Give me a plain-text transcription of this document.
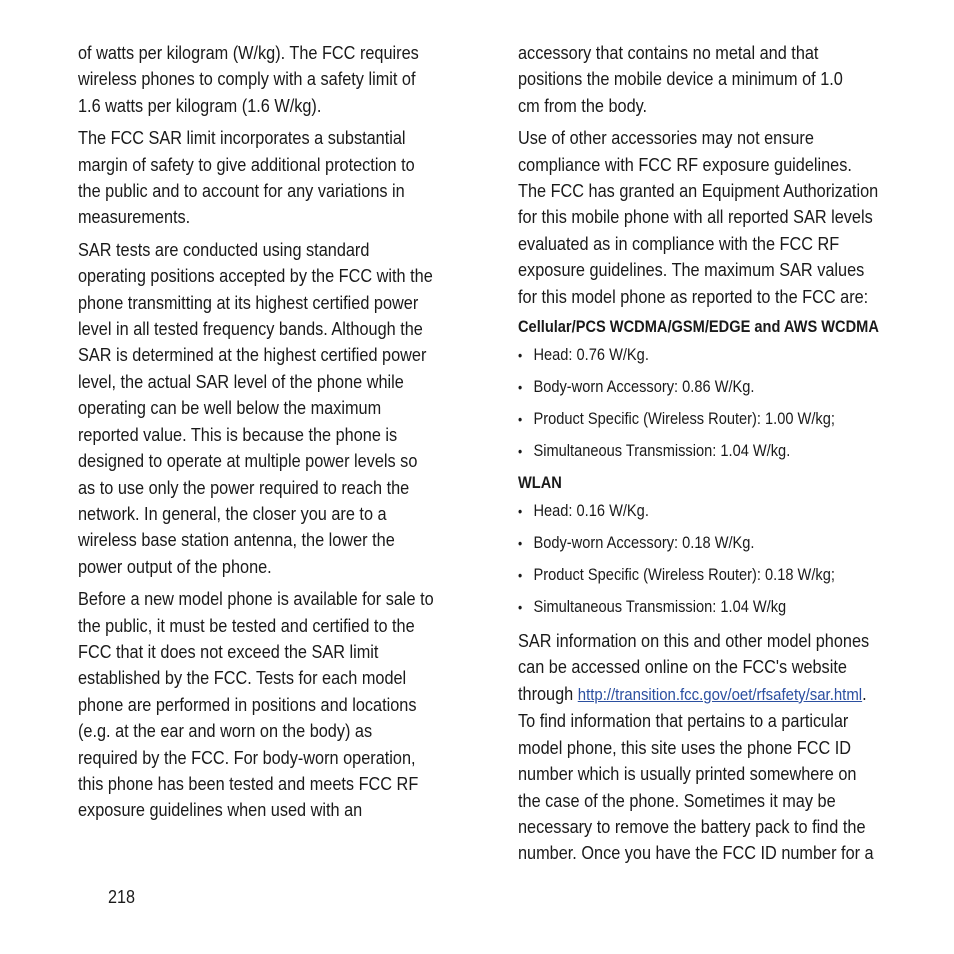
of watts per kilogram (W/kg). The FCC requires
wireless phones to comply with a safety limit of
1.6 watts per kilogram (1.6 W/kg).

The FCC SAR limit incorporates a substantial
margin of safety to give additional protection to
the public and to account for any variations in
measurements.

SAR tests are conducted using standard
operating positions accepted by the FCC with the
phone transmitting at its highest certified power
level in all tested frequency bands. Although the
SAR is determined at the highest certified power
level, the actual SAR level of the phone while
operating can be well below the maximum
reported value. This is because the phone is
designed to operate at multiple power levels so
as to use only the power required to reach the
network. In general, the closer you are to a
wireless base station antenna, the lower the
power output of the phone.

Before a new model phone is available for sale to
the public, it must be tested and certified to the
FCC that it does not exceed the SAR limit
established by the FCC. Tests for each model
phone are performed in positions and locations
(e.g. at the ear and worn on the body) as
required by the FCC. For body-worn operation,
this phone has been tested and meets FCC RF
exposure guidelines when used with an

accessory that contains no metal and that
positions the mobile device a minimum of 1.0
cm from the body.

Use of other accessories may not ensure
compliance with FCC RF exposure guidelines.
The FCC has granted an Equipment Authorization
for this mobile phone with all reported SAR levels
evaluated as in compliance with the FCC RF
exposure guidelines. The maximum SAR values
for this model phone as reported to the FCC are:

Cellular/PCS WCDMA/GSM/EDGE and AWS WCDMA
• Head: 0.76 W/Kg.
• Body-worn Accessory: 0.86 W/Kg.
• Product Specific (Wireless Router): 1.00 W/kg;
• Simultaneous Transmission: 1.04 W/kg.
WLAN
• Head: 0.16 W/Kg.
• Body-worn Accessory: 0.18 W/Kg.
• Product Specific (Wireless Router): 0.18 W/kg;
• Simultaneous Transmission: 1.04 W/kg

SAR information on this and other model phones
can be accessed online on the FCC's website
through http://transition.fcc.gov/oet/rfsafety/sar.html.
To find information that pertains to a particular
model phone, this site uses the phone FCC ID
number which is usually printed somewhere on
the case of the phone. Sometimes it may be
necessary to remove the battery pack to find the
number. Once you have the FCC ID number for a

218
